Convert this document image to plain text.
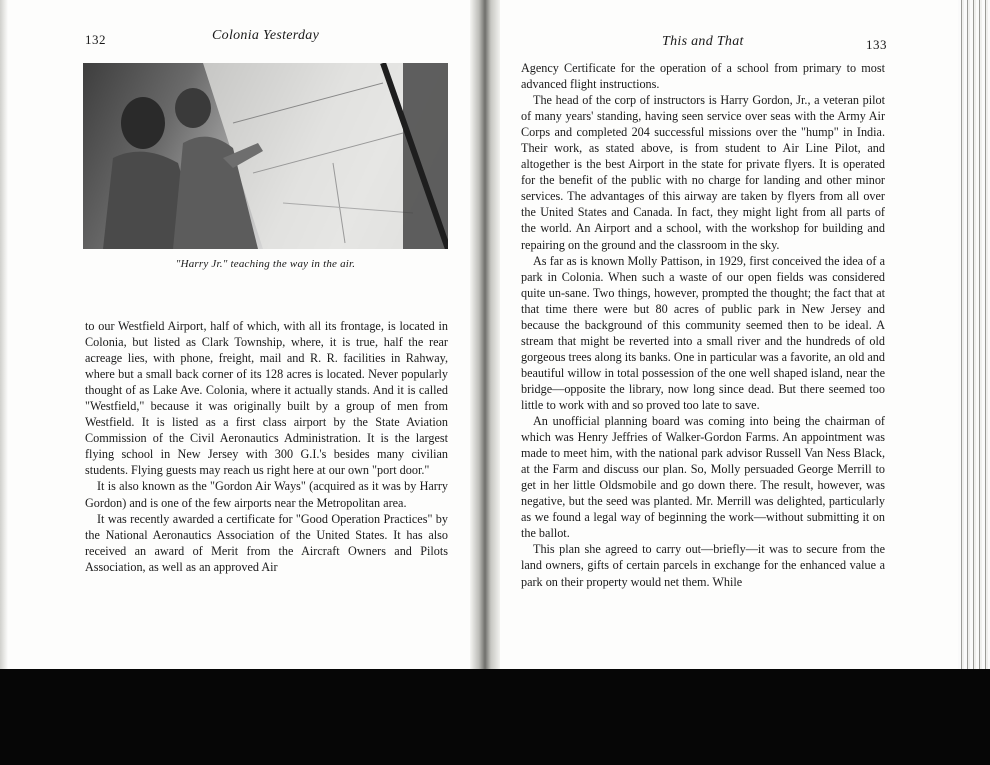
132	Colonia Yesterday
"Harry Jr." teaching the way in the air.

to our Westfield Airport, half of which, with all its frontage, is located in Colonia, but listed as Clark Township, where, it is true, half the rear acreage lies, with phone, freight, mail and R. R. facilities in Rahway, where but a small back corner of its 128 acres is located. Never popularly thought of as Lake Ave. Colonia, where it actually stands. And it is called "Westfield," because it was originally built by a group of men from Westfield. It is listed as a first class airport by the State Aviation Commission of the Civil Aeronautics Administration. It is the largest flying school in New Jersey with 300 G.I.'s besides many civilian students. Flying guests may reach us right here at our own "port door."

It is also known as the "Gordon Air Ways" (acquired as it was by Harry Gordon) and is one of the few airports near the Metropolitan area.

It was recently awarded a certificate for "Good Operation Practices" by the National Aeronautics Association of the United States. It has also received an award of Merit from the Aircraft Owners and Pilots Association, as well as an approved Air

This and That	133

Agency Certificate for the operation of a school from primary to most advanced flight instructions.

The head of the corp of instructors is Harry Gordon, Jr., a veteran pilot of many years' standing, having seen service over seas with the Army Air Corps and completed 204 successful missions over the "hump" in India. Their work, as stated above, is from student to Air Line Pilot, and altogether is the best Airport in the state for private flyers. It is operated for the benefit of the public with no charge for landing and other minor services. The advantages of this airway are taken by flyers from all over the United States and Canada. In fact, they might light from all parts of the world. An Airport and a school, with the workshop for building and repairing on the ground and the classroom in the sky.

As far as is known Molly Pattison, in 1929, first conceived the idea of a park in Colonia. When such a waste of our open fields was considered quite un-sane. Two things, however, prompted the thought; the fact that at that time there were but 80 acres of public park in New Jersey and because the background of this community seemed then to be ideal. A stream that might be reverted into a small river and the hundreds of old gorgeous trees along its banks. One in particular was a favorite, an old and beautiful willow in total possession of the one well shaped island, near the bridge—opposite the library, now long since dead. But there seemed too little to work with and so proved too late to save.

An unofficial planning board was coming into being the chairman of which was Henry Jeffries of Walker-Gordon Farms. An appointment was made to meet him, with the national park advisor Russell Van Ness Black, at the Farm and discuss our plan. So, Molly persuaded George Merrill to get in her little Oldsmobile and go down there. The result, however, was negative, but the seed was planted. Mr. Merrill was delighted, particularly as we found a legal way of beginning the work—without submitting it on the ballot.

This plan she agreed to carry out—briefly—it was to secure from the land owners, gifts of certain parcels in exchange for the enhanced value a park on their property would net them. While
